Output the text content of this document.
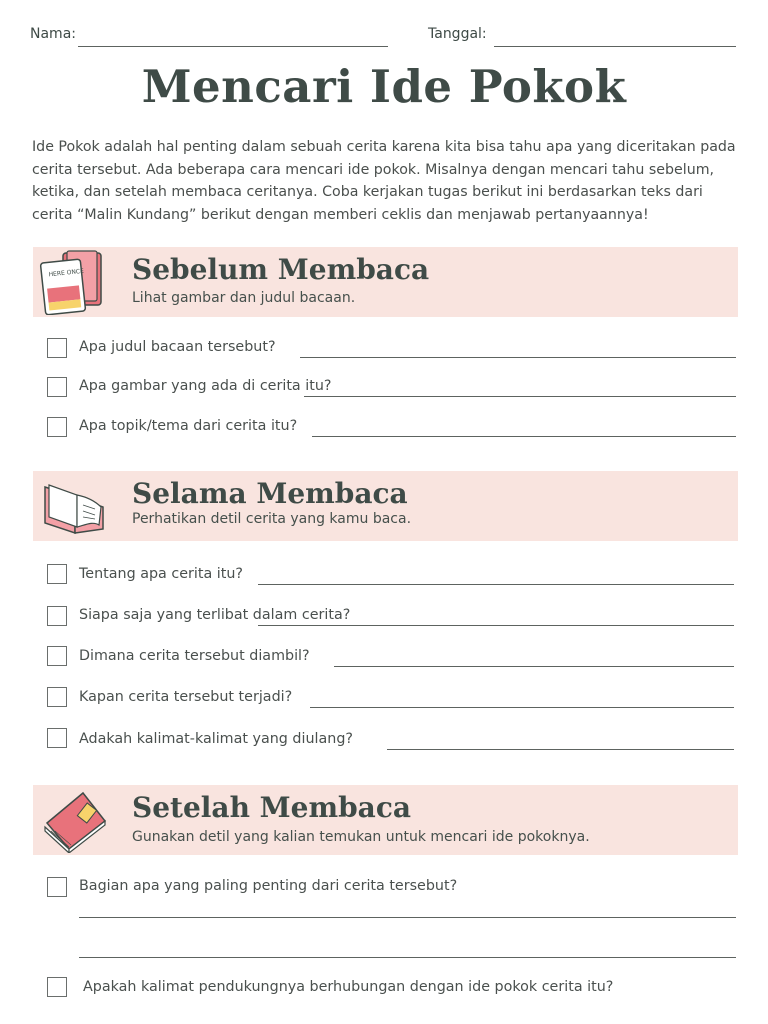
Nama:	Tanggal:
Mencari Ide Pokok
Ide Pokok adalah hal penting dalam sebuah cerita karena kita bisa tahu apa yang diceritakan pada cerita tersebut. Ada beberapa cara mencari ide pokok. Misalnya dengan mencari tahu sebelum, ketika, dan setelah membaca ceritanya. Coba kerjakan tugas berikut ini berdasarkan teks dari cerita “Malin Kundang” berikut dengan memberi ceklis dan menjawab pertanyaannya!
HERE ONCE Sebelum Membaca
Lihat gambar dan judul bacaan.
Apa judul bacaan tersebut?
Apa gambar yang ada di cerita itu?
Apa topik/tema dari cerita itu?
Selama Membaca
Perhatikan detil cerita yang kamu baca.
Tentang apa cerita itu?
Siapa saja yang terlibat dalam cerita?
Dimana cerita tersebut diambil?
Kapan cerita tersebut terjadi?
Adakah kalimat-kalimat yang diulang?
Setelah Membaca
Gunakan detil yang kalian temukan untuk mencari ide pokoknya.
Bagian apa yang paling penting dari cerita tersebut?
Apakah kalimat pendukungnya berhubungan dengan ide pokok cerita itu?
